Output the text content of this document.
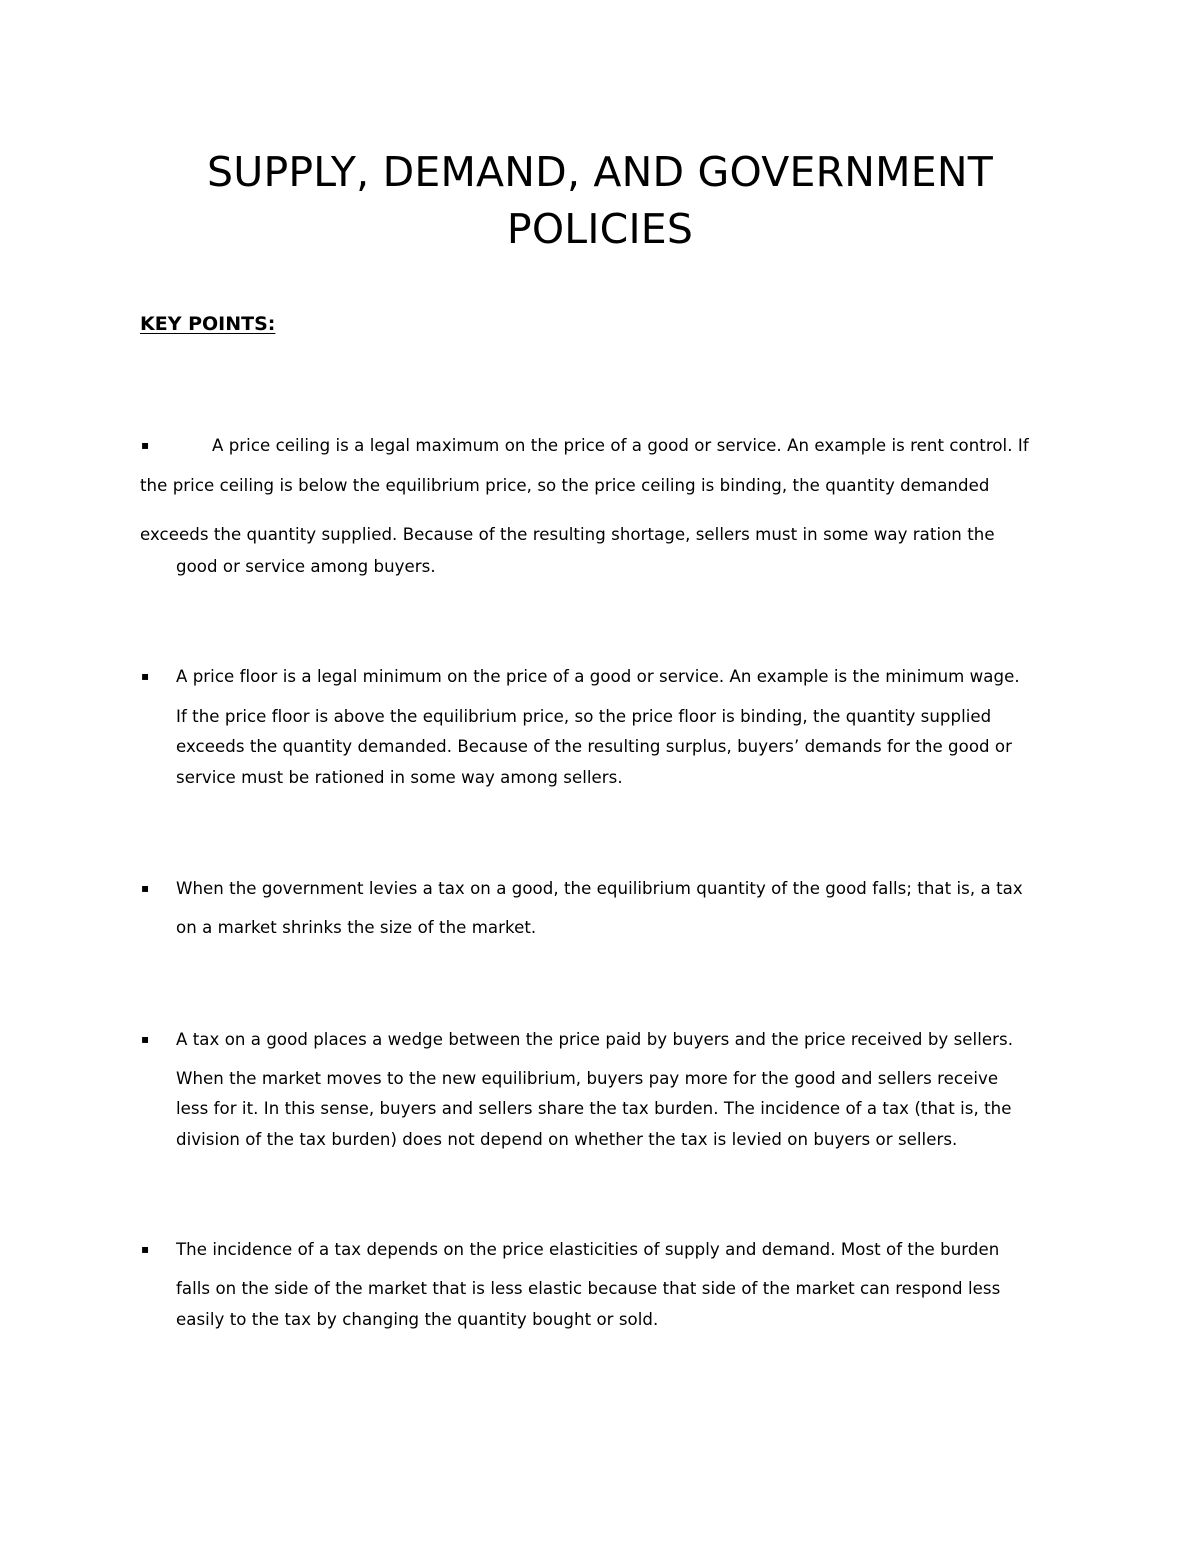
SUPPLY, DEMAND, AND GOVERNMENT
POLICIES
KEY POINTS:
▪	A price ceiling is a legal maximum on the price of a good or service. An example is rent control. If
the price ceiling is below the equilibrium price, so the price ceiling is binding, the quantity demanded
exceeds the quantity supplied. Because of the resulting shortage, sellers must in some way ration the
good or service among buyers.
▪ A price floor is a legal minimum on the price of a good or service. An example is the minimum wage.
If the price floor is above the equilibrium price, so the price floor is binding, the quantity supplied
exceeds the quantity demanded. Because of the resulting surplus, buyers’ demands for the good or
service must be rationed in some way among sellers.
▪ When the government levies a tax on a good, the equilibrium quantity of the good falls; that is, a tax
on a market shrinks the size of the market.
▪ A tax on a good places a wedge between the price paid by buyers and the price received by sellers.
When the market moves to the new equilibrium, buyers pay more for the good and sellers receive
less for it. In this sense, buyers and sellers share the tax burden. The incidence of a tax (that is, the
division of the tax burden) does not depend on whether the tax is levied on buyers or sellers.
▪ The incidence of a tax depends on the price elasticities of supply and demand. Most of the burden
falls on the side of the market that is less elastic because that side of the market can respond less
easily to the tax by changing the quantity bought or sold.
